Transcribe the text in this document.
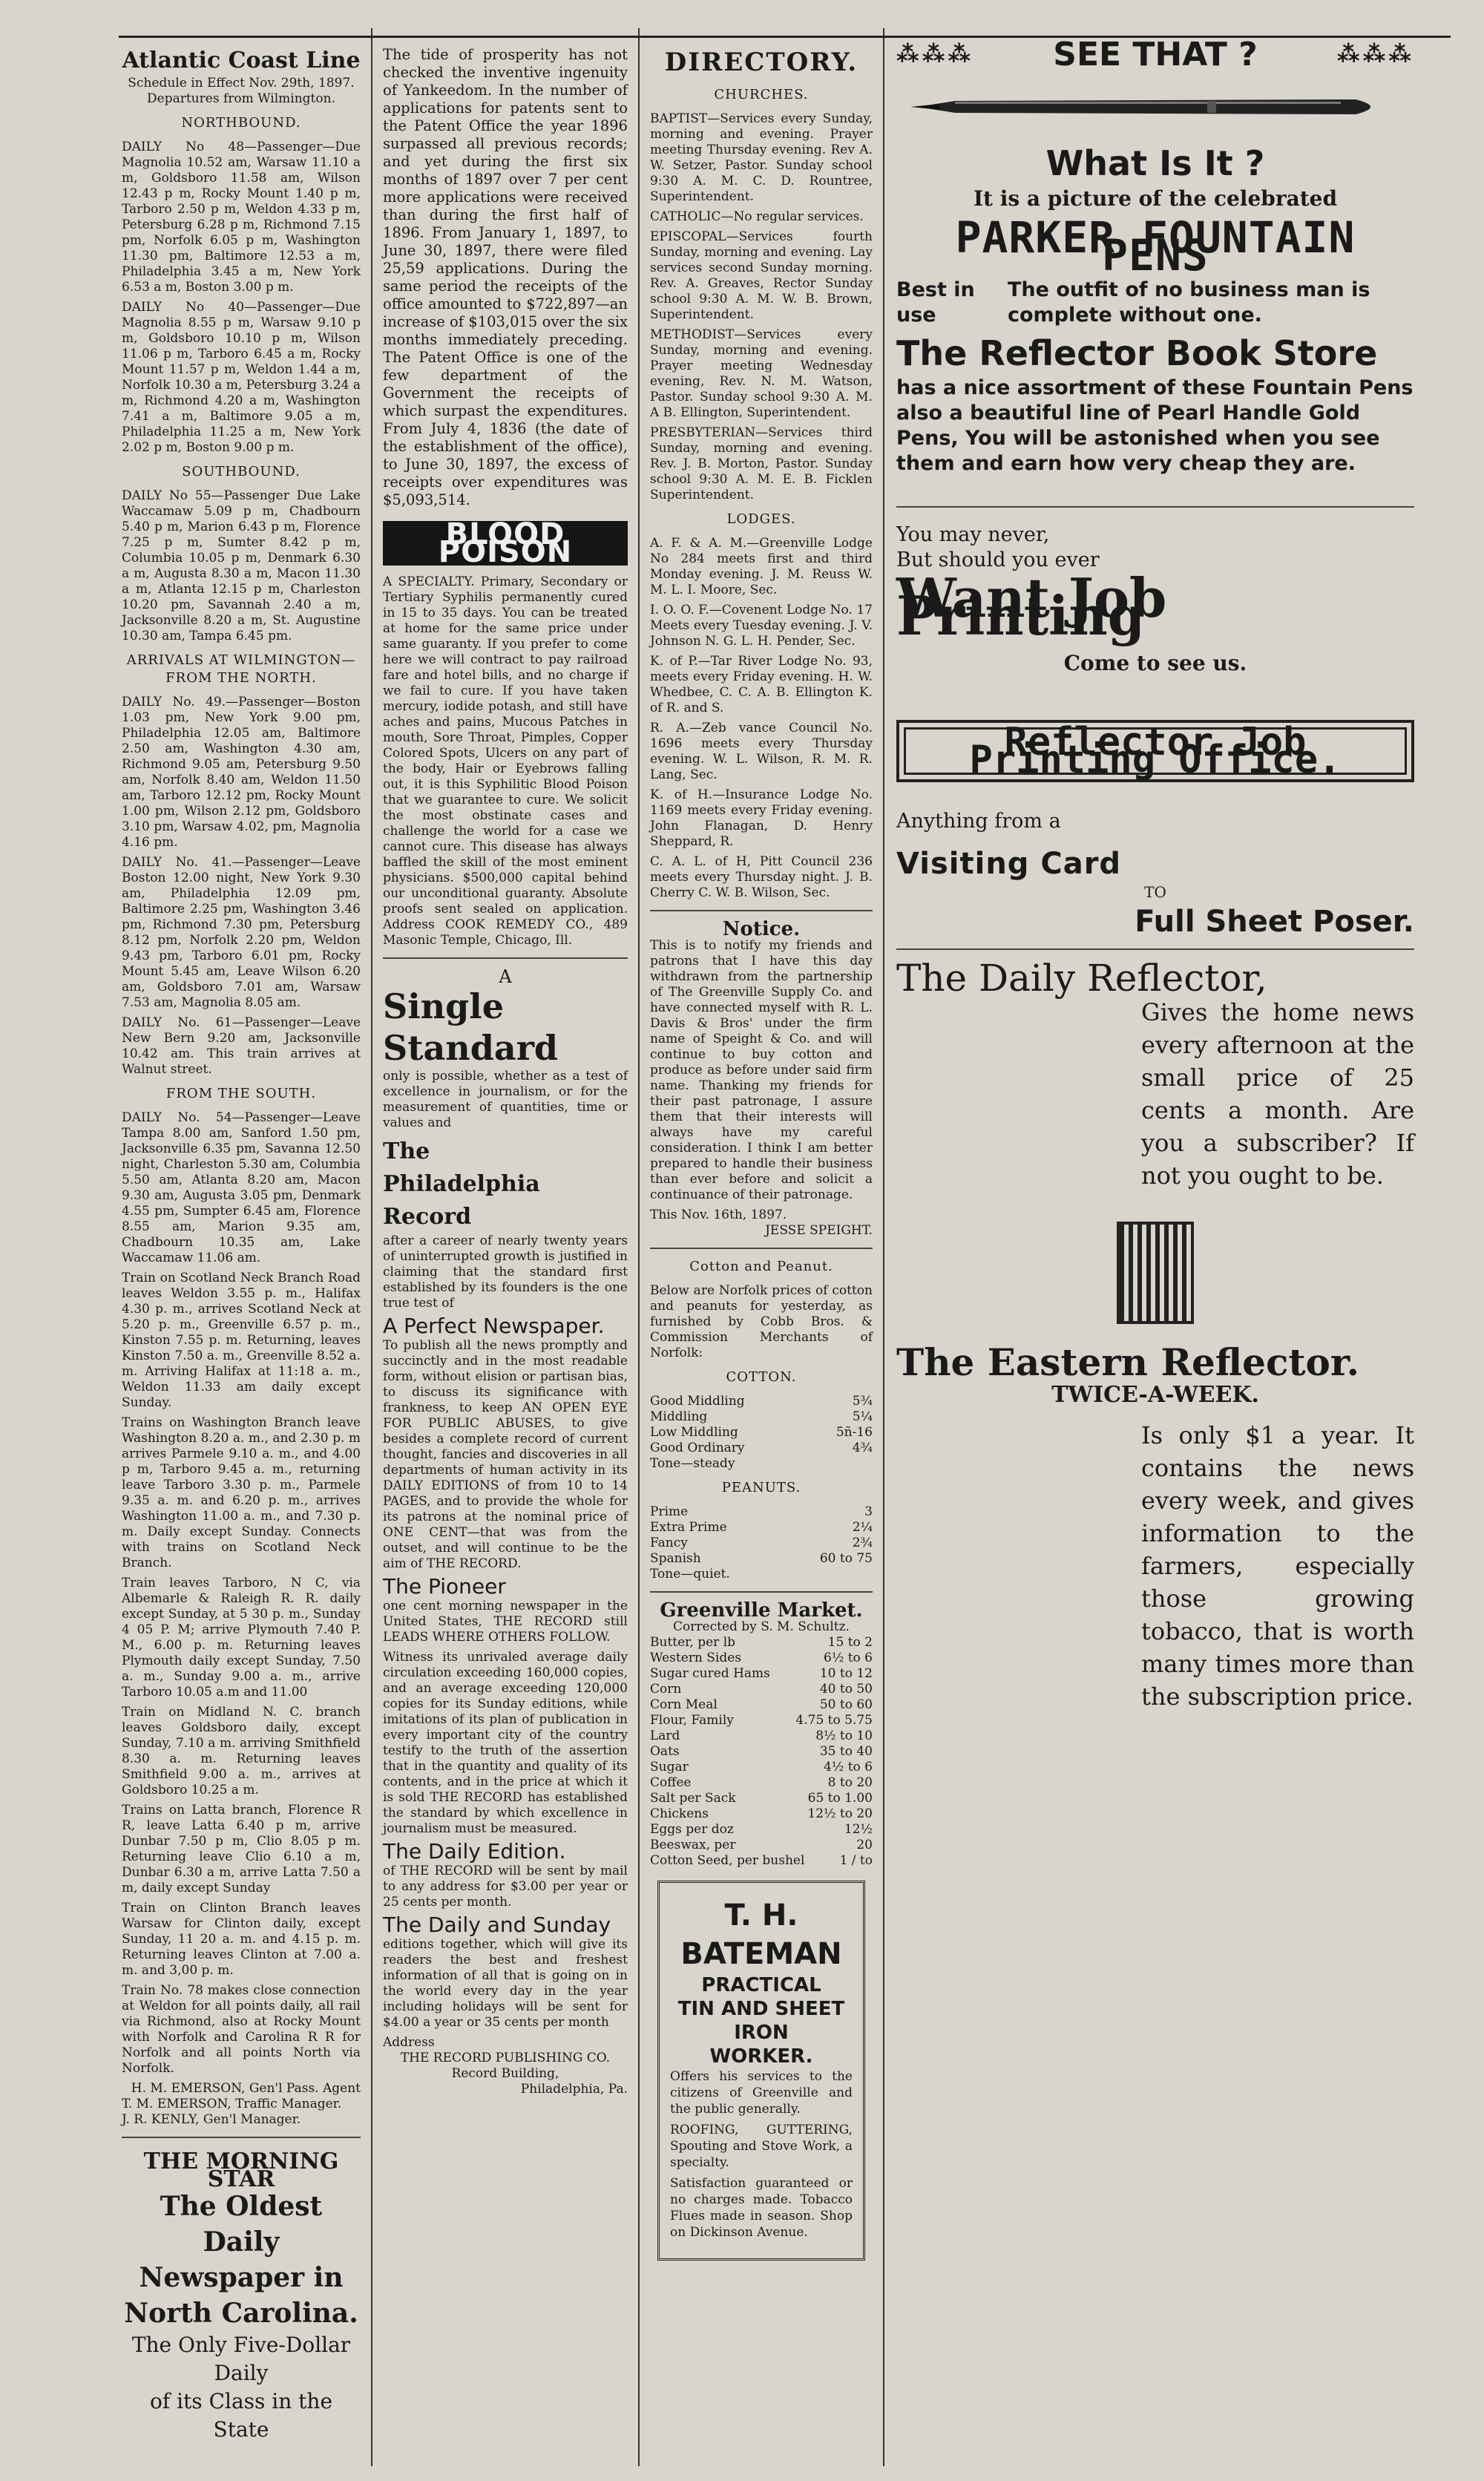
Atlantic Coast Line

Schedule in Effect Nov. 29th, 1897. Departures from Wilmington.

NORTHBOUND.

DAILY No 48—Passenger—Due Magnolia 10.52 am, Warsaw 11.10 a m, Goldsboro 11.58 am, Wilson 12.43 p m, Rocky Mount 1.40 p m, Tarboro 2.50 p m, Weldon 4.33 p m, Petersburg 6.28 p m, Richmond 7.15 pm, Norfolk 6.05 p m, Washington 11.30 pm, Baltimore 12.53 a m, Philadelphia 3.45 a m, New York 6.53 a m, Boston 3.00 p m.

DAILY No 40—Passenger—Due Magnolia 8.55 p m, Warsaw 9.10 p m, Goldsboro 10.10 p m, Wilson 11.06 p m, Tarboro 6.45 a m, Rocky Mount 11.57 p m, Weldon 1.44 a m, Norfolk 10.30 a m, Petersburg 3.24 a m, Richmond 4.20 a m, Washington 7.41 a m, Baltimore 9.05 a m, Philadelphia 11.25 a m, New York 2.02 p m, Boston 9.00 p m.

SOUTHBOUND.

DAILY No 55—Passenger Due Lake Waccamaw 5.09 p m, Chadbourn 5.40 p m, Marion 6.43 p m, Florence 7.25 p m, Sumter 8.42 p m, Columbia 10.05 p m, Denmark 6.30 a m, Augusta 8.30 a m, Macon 11.30 a m, Atlanta 12.15 p m, Charleston 10.20 pm, Savannah 2.40 a m, Jacksonville 8.20 a m, St. Augustine 10.30 am, Tampa 6.45 pm.

ARRIVALS AT WILMINGTON—FROM THE NORTH.

DAILY No. 49.—Passenger—Boston 1.03 pm, New York 9.00 pm, Philadelphia 12.05 am, Baltimore 2.50 am, Washington 4.30 am, Richmond 9.05 am, Petersburg 9.50 am, Norfolk 8.40 am, Weldon 11.50 am, Tarboro 12.12 pm, Rocky Mount 1.00 pm, Wilson 2.12 pm, Goldsboro 3.10 pm, Warsaw 4.02, pm, Magnolia 4.16 pm.

DAILY No. 41.—Passenger—Leave Boston 12.00 night, New York 9.30 am, Philadelphia 12.09 pm, Baltimore 2.25 pm, Washington 3.46 pm, Richmond 7.30 pm, Petersburg 8.12 pm, Norfolk 2.20 pm, Weldon 9.43 pm, Tarboro 6.01 pm, Rocky Mount 5.45 am, Leave Wilson 6.20 am, Goldsboro 7.01 am, Warsaw 7.53 am, Magnolia 8.05 am.

DAILY No. 61—Passenger—Leave New Bern 9.20 am, Jacksonville 10.42 am. This train arrives at Walnut street.

FROM THE SOUTH.

DAILY No. 54—Passenger—Leave Tampa 8.00 am, Sanford 1.50 pm, Jacksonville 6.35 pm, Savanna 12.50 night, Charleston 5.30 am, Columbia 5.50 am, Atlanta 8.20 am, Macon 9.30 am, Augusta 3.05 pm, Denmark 4.55 pm, Sumpter 6.45 am, Florence 8.55 am, Marion 9.35 am, Chadbourn 10.35 am, Lake Waccamaw 11.06 am.

Train on Scotland Neck Branch Road leaves Weldon 3.55 p. m., Halifax 4.30 p. m., arrives Scotland Neck at 5.20 p. m., Greenville 6.57 p. m., Kinston 7.55 p. m. Returning, leaves Kinston 7.50 a. m., Greenville 8.52 a. m. Arriving Halifax at 11:18 a. m., Weldon 11.33 am daily except Sunday.

Trains on Washington Branch leave Washington 8.20 a. m., and 2.30 p. m arrives Parmele 9.10 a. m., and 4.00 p m, Tarboro 9.45 a. m., returning leave Tarboro 3.30 p. m., Parmele 9.35 a. m. and 6.20 p. m., arrives Washington 11.00 a. m., and 7.30 p. m. Daily except Sunday. Connects with trains on Scotland Neck Branch.

Train leaves Tarboro, N C, via Albemarle & Raleigh R. R. daily except Sunday, at 5 30 p. m., Sunday 4 05 P. M; arrive Plymouth 7.40 P. M., 6.00 p. m. Returning leaves Plymouth daily except Sunday, 7.50 a. m., Sunday 9.00 a. m., arrive Tarboro 10.05 a.m and 11.00

Train on Midland N. C. branch leaves Goldsboro daily, except Sunday, 7.10 a m. arriving Smithfield 8.30 a. m. Returning leaves Smithfield 9.00 a. m., arrives at Goldsboro 10.25 a m.

Trains on Latta branch, Florence R R, leave Latta 6.40 p m, arrive Dunbar 7.50 p m, Clio 8.05 p m. Returning leave Clio 6.10 a m, Dunbar 6.30 a m, arrive Latta 7.50 a m, daily except Sunday

Train on Clinton Branch leaves Warsaw for Clinton daily, except Sunday, 11 20 a. m. and 4.15 p. m. Returning leaves Clinton at 7.00 a. m. and 3,00 p. m.

Train No. 78 makes close connection at Weldon for all points daily, all rail via Richmond, also at Rocky Mount with Norfolk and Carolina R R for Norfolk and all points North via Norfolk.

H. M. EMERSON, Gen'l Pass. Agent
T. M. EMERSON, Traffic Manager.
J. R. KENLY, Gen'l Manager.
THE MORNING STAR
The Oldest
Daily Newspaper in
North Carolina.
The Only Five-Dollar Daily
of its Class in the State

The tide of prosperity has not checked the inventive ingenuity of Yankeedom. In the number of applications for patents sent to the Patent Office the year 1896 surpassed all previous records; and yet during the first six months of 1897 over 7 per cent more applications were received than during the first half of 1896. From January 1, 1897, to June 30, 1897, there were filed 25,59 applications. During the same period the receipts of the office amounted to $722,897—an increase of $103,015 over the six months immediately preceding. The Patent Office is one of the few department of the Government the receipts of which surpast the expenditures. From July 4, 1836 (the date of the establishment of the office), to June 30, 1897, the excess of receipts over expenditures was $5,093,514.

BLOOD POISON

A SPECIALTY. Primary, Secondary or Tertiary Syphilis permanently cured in 15 to 35 days. You can be treated at home for the same price under same guaranty. If you prefer to come here we will contract to pay railroad fare and hotel bills, and no charge if we fail to cure. If you have taken mercury, iodide potash, and still have aches and pains, Mucous Patches in mouth, Sore Throat, Pimples, Copper Colored Spots, Ulcers on any part of the body, Hair or Eyebrows falling out, it is this Syphilitic Blood Poison that we guarantee to cure. We solicit the most obstinate cases and challenge the world for a case we cannot cure. This disease has always baffled the skill of the most eminent physicians. $500,000 capital behind our unconditional guaranty. Absolute proofs sent sealed on application. Address COOK REMEDY CO., 489 Masonic Temple, Chicago, Ill.

A
Single
Standard

only is possible, whether as a test of excellence in journalism, or for the measurement of quantities, time or values and

The
Philadelphia
Record

after a career of nearly twenty years of uninterrupted growth is justified in claiming that the standard first established by its founders is the one true test of

A Perfect Newspaper.

To publish all the news promptly and succinctly and in the most readable form, without elision or partisan bias, to discuss its significance with frankness, to keep AN OPEN EYE FOR PUBLIC ABUSES, to give besides a complete record of current thought, fancies and discoveries in all departments of human activity in its DAILY EDITIONS of from 10 to 14 PAGES, and to provide the whole for its patrons at the nominal price of ONE CENT—that was from the outset, and will continue to be the aim of THE RECORD.

The Pioneer

one cent morning newspaper in the United States, THE RECORD still LEADS WHERE OTHERS FOLLOW.

Witness its unrivaled average daily circulation exceeding 160,000 copies, and an average exceeding 120,000 copies for its Sunday editions, while imitations of its plan of publication in every important city of the country testify to the truth of the assertion that in the quantity and quality of its contents, and in the price at which it is sold THE RECORD has established the standard by which excellence in journalism must be measured.

The Daily Edition.

of THE RECORD will be sent by mail to any address for $3.00 per year or 25 cents per month.

The Daily and Sunday

editions together, which will give its readers the best and freshest information of all that is going on in the world every day in the year including holidays will be sent for $4.00 a year or 35 cents per month

Address
THE RECORD PUBLISHING CO. Record Building,
Philadelphia, Pa.
DIRECTORY.
CHURCHES.

BAPTIST—Services every Sunday, morning and evening. Prayer meeting Thursday evening. Rev A. W. Setzer, Pastor. Sunday school 9:30 A. M. C. D. Rountree, Superintendent.

CATHOLIC—No regular services.

EPISCOPAL—Services fourth Sunday, morning and evening. Lay services second Sunday morning. Rev. A. Greaves, Rector Sunday school 9:30 A. M. W. B. Brown, Superintendent.

METHODIST—Services every Sunday, morning and evening. Prayer meeting Wednesday evening, Rev. N. M. Watson, Pastor. Sunday school 9:30 A. M. A B. Ellington, Superintendent.

PRESBYTERIAN—Services third Sunday, morning and evening. Rev. J. B. Morton, Pastor. Sunday school 9:30 A. M. E. B. Ficklen Superintendent.

LODGES.

A. F. & A. M.—Greenville Lodge No 284 meets first and third Monday evening. J. M. Reuss W. M. L. I. Moore, Sec.

I. O. O. F.—Covenent Lodge No. 17 Meets every Tuesday evening. J. V. Johnson N. G. L. H. Pender, Sec.

K. of P.—Tar River Lodge No. 93, meets every Friday evening. H. W. Whedbee, C. C. A. B. Ellington K. of R. and S.

R. A.—Zeb vance Council No. 1696 meets every Thursday evening. W. L. Wilson, R. M. R. Lang, Sec.

K. of H.—Insurance Lodge No. 1169 meets every Friday evening. John Flanagan, D. Henry Sheppard, R.

C. A. L. of H, Pitt Council 236 meets every Thursday night. J. B. Cherry C. W. B. Wilson, Sec.

Notice.

This is to notify my friends and patrons that I have this day withdrawn from the partnership of The Greenville Supply Co. and have connected myself with R. L. Davis & Bros' under the firm name of Speight & Co. and will continue to buy cotton and produce as before under said firm name. Thanking my friends for their past patronage, I assure them that their interests will always have my careful consideration. I think I am better prepared to handle their business than ever before and solicit a continuance of their patronage.

This Nov. 16th, 1897.
JESSE SPEIGHT.
Cotton and Peanut.

Below are Norfolk prices of cotton and peanuts for yesterday, as furnished by Cobb Bros. & Commission Merchants of Norfolk:

COTTON.
Good Middling	5¾
Middling	5¼
Low Middling	5ñ-16
Good Ordinary	4¾
Tone—steady
PEANUTS.
Prime	3
Extra Prime	2¼
Fancy	2¾
Spanish	60 to 75
Tone—quiet.
Greenville Market.
Corrected by S. M. Schultz.
Butter, per lb	15 to 2
Western Sides	6½ to 6
Sugar cured Hams	10 to 12
Corn	40 to 50
Corn Meal	50 to 60
Flour, Family	4.75 to 5.75
Lard	8½ to 10
Oats	35 to 40
Sugar	4½ to 6
Coffee	8 to 20
Salt per Sack	65 to 1.00
Chickens	12½ to 20
Eggs per doz	12½
Beeswax, per	20
Cotton Seed, per bushel	1 / to
T. H. BATEMAN
PRACTICAL
TIN AND SHEET IRON
WORKER.

Offers his services to the citizens of Greenville and the public generally.

ROOFING, GUTTERING, Spouting and Stove Work, a specialty.

Satisfaction guaranteed or no charges made. Tobacco Flues made in season. Shop on Dickinson Avenue.

⁂⁂⁂ SEE THAT ?	⁂⁂⁂
What Is It ?
It is a picture of the celebrated
PARKER FOUNTAIN PENS
Best in use
The outfit of no business man is complete without one.
The Reflector Book Store
has a nice assortment of these Fountain Pens also a beautiful line of Pearl Handle Gold Pens, You will be astonished when you see them and earn how very cheap they are.
You may never,
But should you ever
Want Job Printing
Come to see us.
Reflector Job Printing Office.
Anything from a
Visiting Card
TO
Full Sheet Poser.
The Daily Reflector,
Gives the home news every afternoon at the small price of 25 cents a month. Are you a subscriber? If not you ought to be.
The Eastern Reflector.
TWICE-A-WEEK.
Is only $1 a year. It contains the news every week, and gives information to the farmers, especially those growing tobacco, that is worth many times more than the subscription price.
